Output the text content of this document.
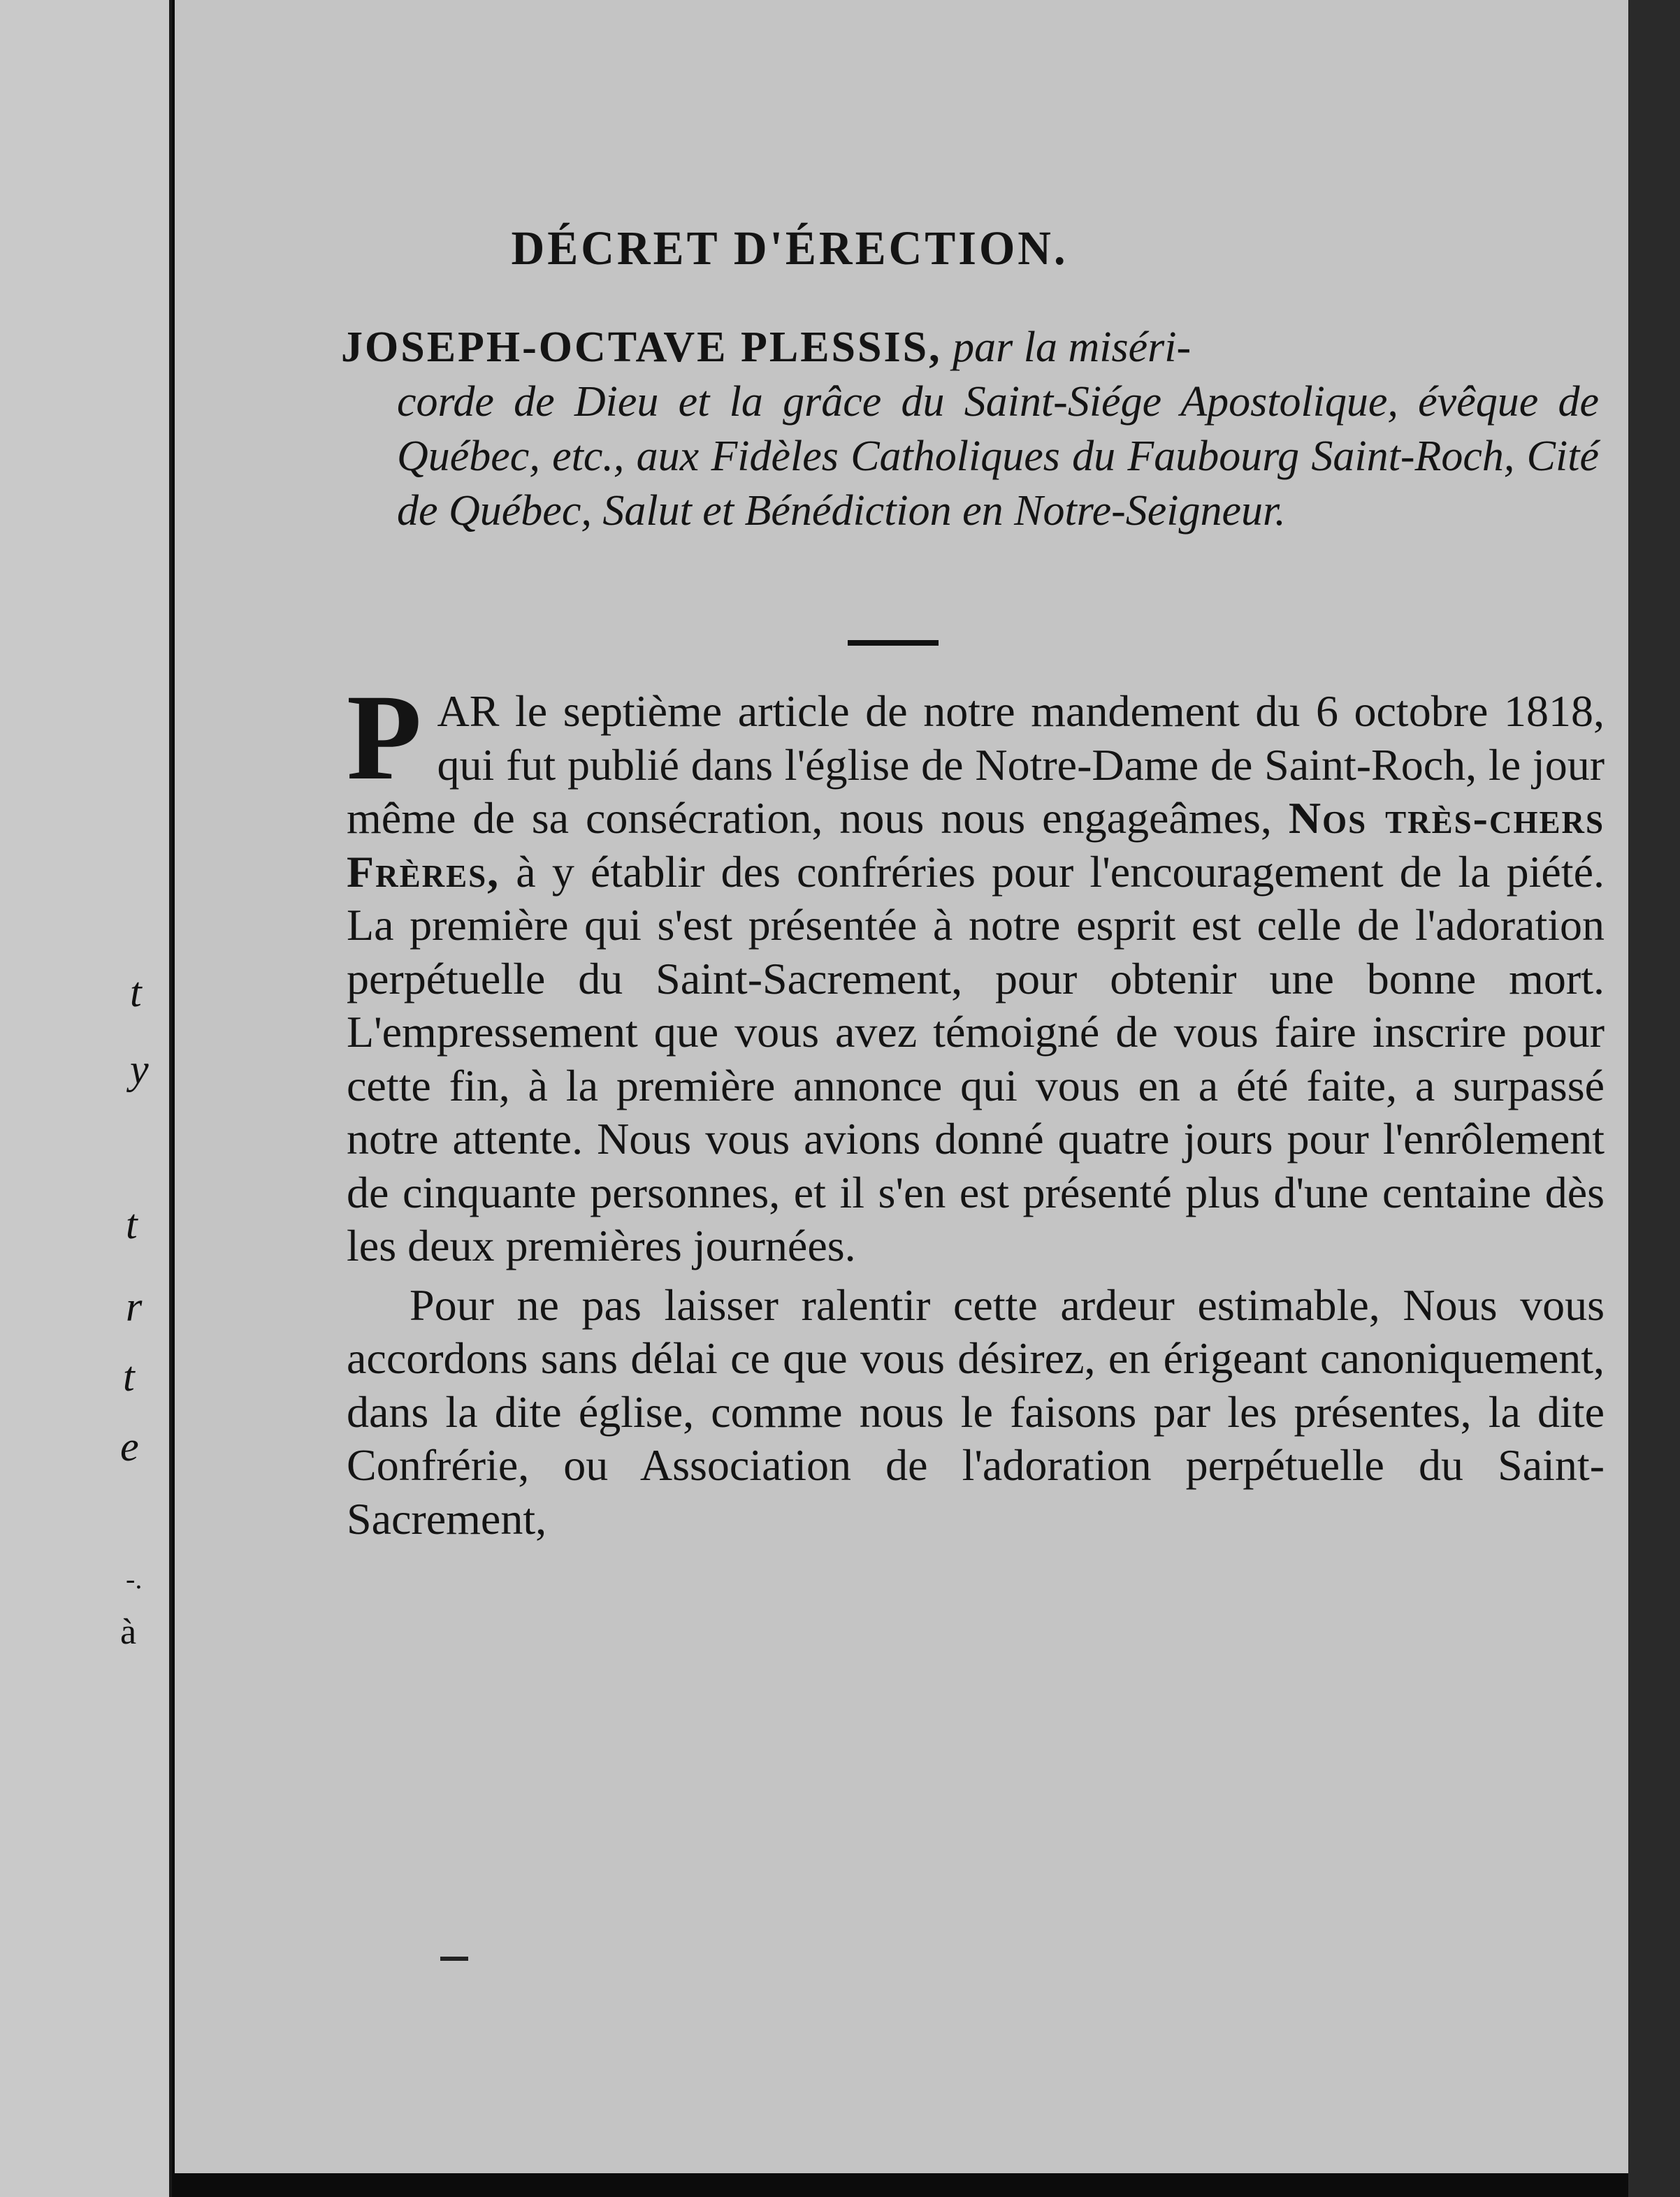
t
y
t
r
t
e
-.
à
DÉCRET D'ÉRECTION.
JOSEPH-OCTAVE PLESSIS, par la miséri-
corde de Dieu et la grâce du Saint-Siége Apostolique, évêque de Québec, etc., aux Fidèles Catholiques du Faubourg Saint-Roch, Cité de Québec, Salut et Bénédiction en Notre-Seigneur.

PAR le septième article de notre mandement du 6 octobre 1818, qui fut publié dans l'église de Notre-Dame de Saint-Roch, le jour même de sa consécration, nous nous engageâmes, Nos très-chers Frères, à y établir des confréries pour l'encouragement de la piété. La première qui s'est présentée à notre esprit est celle de l'adoration perpétuelle du Saint-Sacrement, pour obtenir une bonne mort. L'empressement que vous avez témoigné de vous faire inscrire pour cette fin, à la première annonce qui vous en a été faite, a surpassé notre attente. Nous vous avions donné quatre jours pour l'enrôlement de cinquante personnes, et il s'en est présenté plus d'une centaine dès les deux premières journées.

Pour ne pas laisser ralentir cette ardeur estimable, Nous vous accordons sans délai ce que vous désirez, en érigeant canoniquement, dans la dite église, comme nous le faisons par les présentes, la dite Confrérie, ou Association de l'adoration perpétuelle du Saint-Sacrement,
